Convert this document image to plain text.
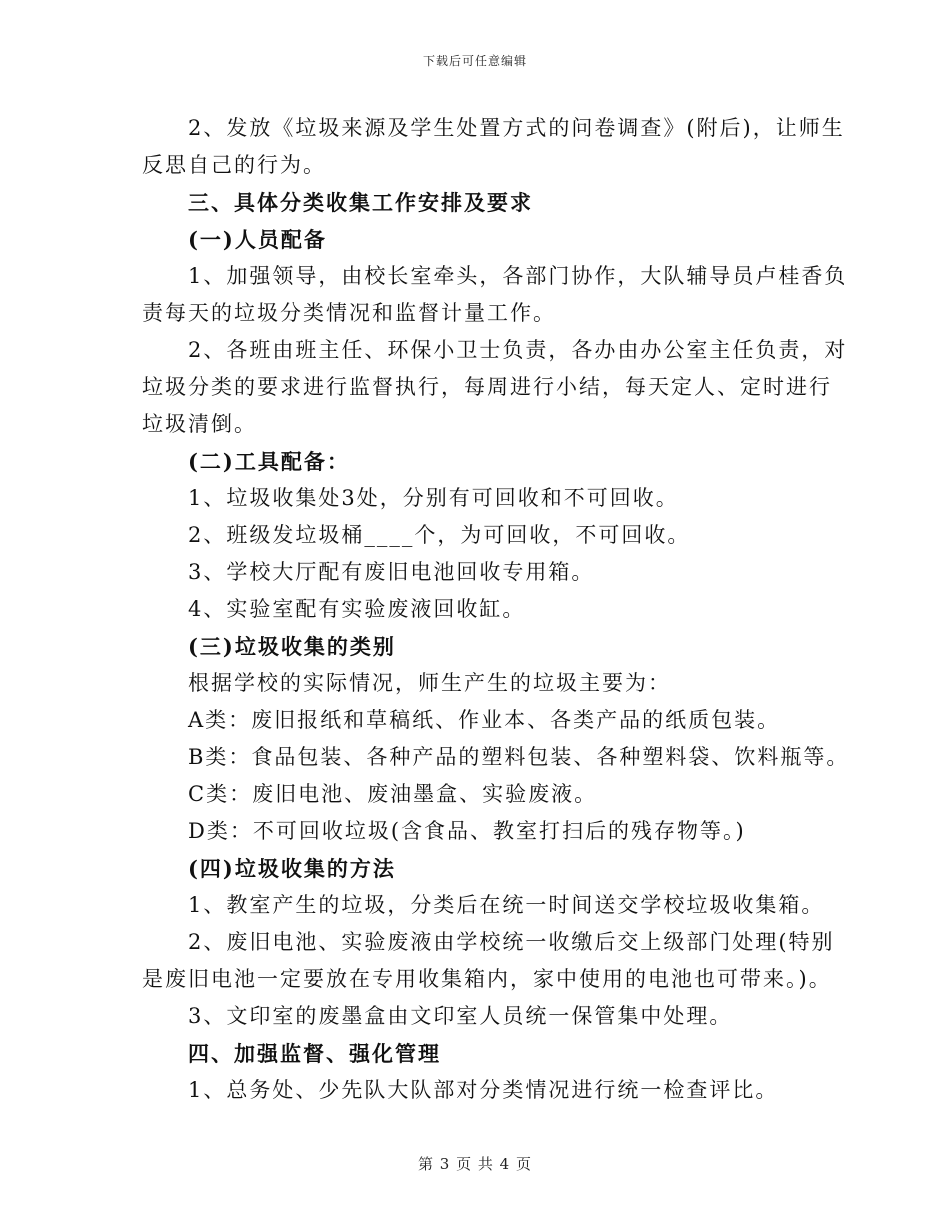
下载后可任意编辑
2、发放《垃圾来源及学生处置方式的问卷调查》(附后)，让师生
反思自己的行为。
三、具体分类收集工作安排及要求
(一)人员配备
1、加强领导，由校长室牵头，各部门协作，大队辅导员卢桂香负
责每天的垃圾分类情况和监督计量工作。
2、各班由班主任、环保小卫士负责，各办由办公室主任负责，对
垃圾分类的要求进行监督执行，每周进行小结，每天定人、定时进行
垃圾清倒。
(二)工具配备：
1、垃圾收集处3处，分别有可回收和不可回收。
2、班级发垃圾桶____个，为可回收，不可回收。
3、学校大厅配有废旧电池回收专用箱。
4、实验室配有实验废液回收缸。
(三)垃圾收集的类别
根据学校的实际情况，师生产生的垃圾主要为：
A类：废旧报纸和草稿纸、作业本、各类产品的纸质包装。
B类：食品包装、各种产品的塑料包装、各种塑料袋、饮料瓶等。
C类：废旧电池、废油墨盒、实验废液。
D类：不可回收垃圾(含食品、教室打扫后的残存物等。)
(四)垃圾收集的方法
1、教室产生的垃圾，分类后在统一时间送交学校垃圾收集箱。
2、废旧电池、实验废液由学校统一收缴后交上级部门处理(特别
是废旧电池一定要放在专用收集箱内，家中使用的电池也可带来。)。
3、文印室的废墨盒由文印室人员统一保管集中处理。
四、加强监督、强化管理
1、总务处、少先队大队部对分类情况进行统一检查评比。
第 3 页 共 4 页
